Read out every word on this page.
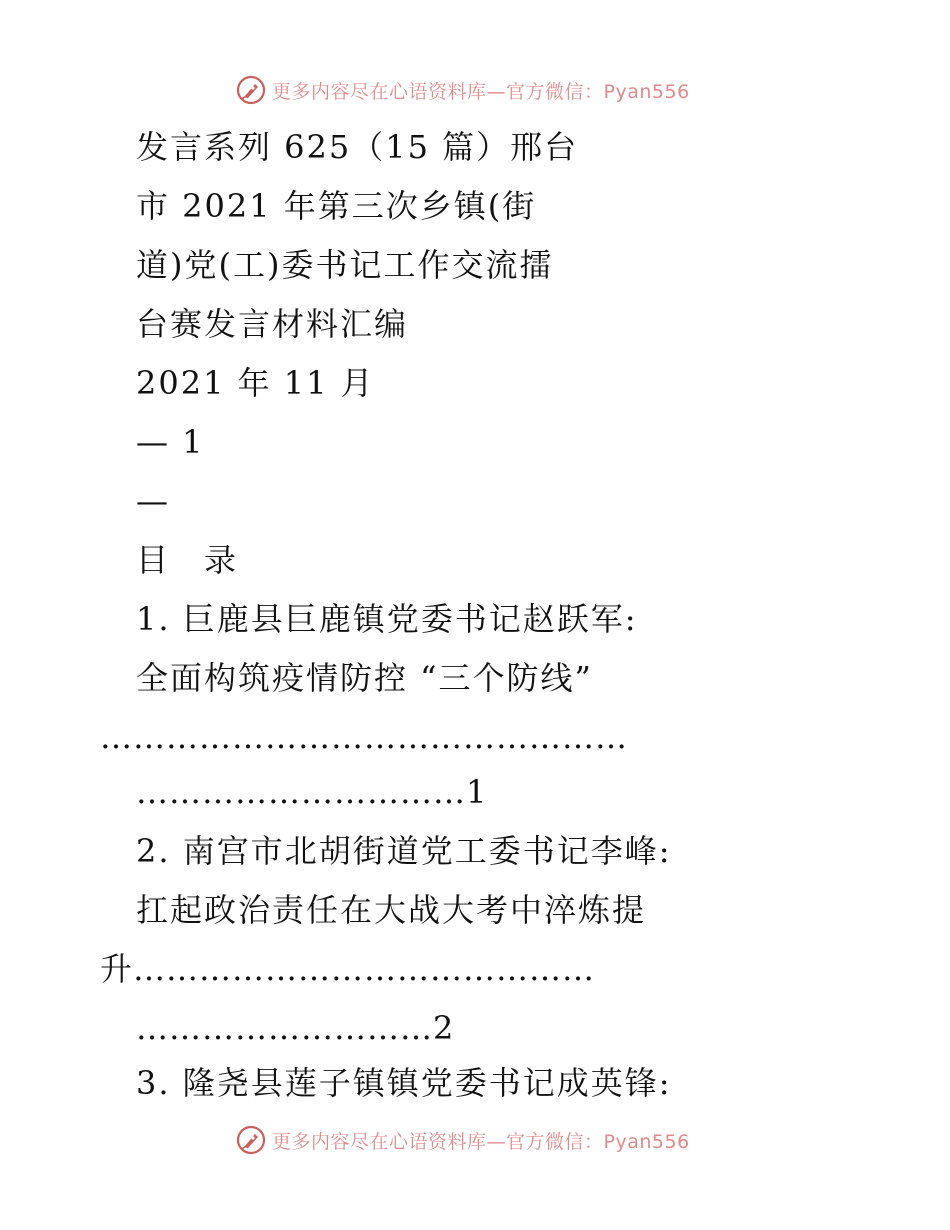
更多内容尽在心语资料库—官方微信：Pyan556
发言系列 625（15 篇）邢台
市 2021 年第三次乡镇(街
道)党(工)委书记工作交流擂
台赛发言材料汇编
2021 年 11 月
— 1
—
目　录
1. 巨鹿县巨鹿镇党委书记赵跃军:
全面构筑疫情防控 “三个防线”
…………………………………………
…………………………1
2. 南宫市北胡街道党工委书记李峰:
扛起政治责任在大战大考中淬炼提
升……………………………………
………………………2
3. 隆尧县莲子镇镇党委书记成英锋:
更多内容尽在心语资料库—官方微信：Pyan556
